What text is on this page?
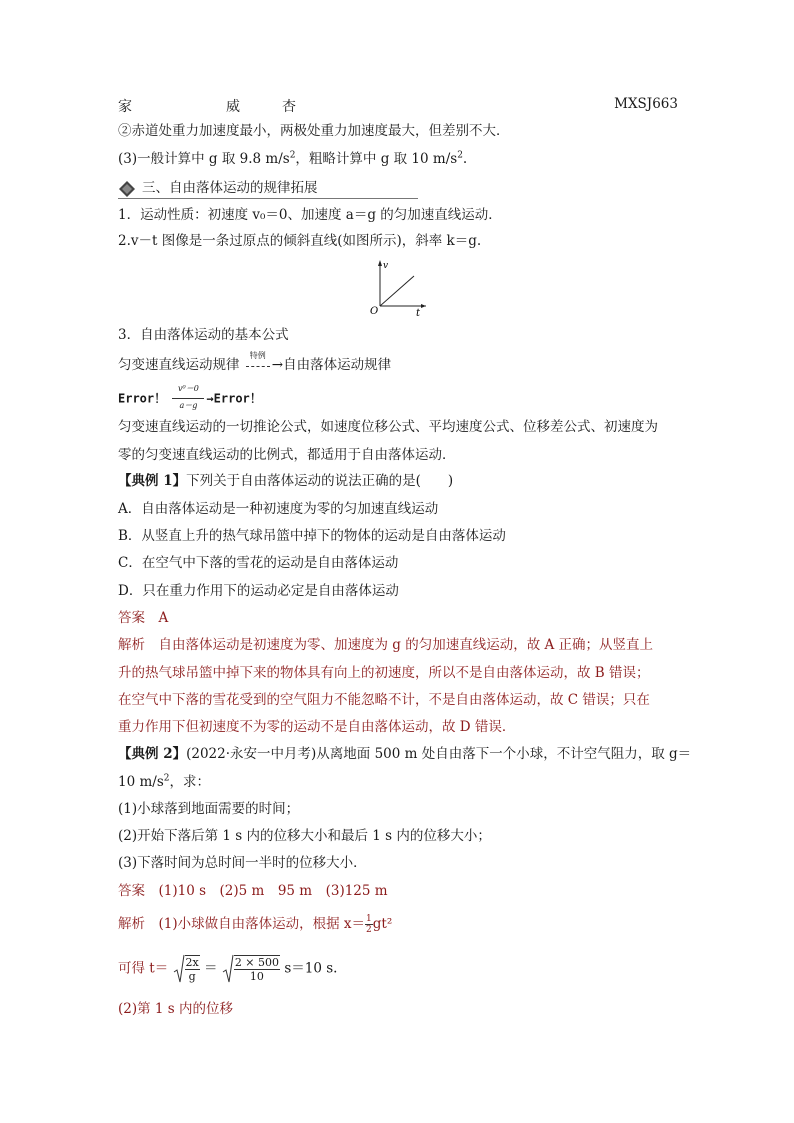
家	威	杏	MXSJ663
②赤道处重力加速度最小，两极处重力加速度最大，但差别不大．
(3)一般计算中 g 取 9.8 $m/s^2$，粗略计算中 g 取 10 $m/s^2$.
三、自由落体运动的规律拓展
1．运动性质：初速度 v₀＝0、加速度 a＝g 的匀加速直线运动．
2.v－t 图像是一条过原点的倾斜直线(如图所示)，斜率 k＝g.
v
O	t
3．自由落体运动的基本公式
匀变速直线运动规律
特例
→自由落体运动规律
Error！ $\frac{\text{v⁰＝0}}{a=g}$ →Error！
匀变速直线运动的一切推论公式，如速度位移公式、平均速度公式、位移差公式、初速度为
零的匀变速直线运动的比例式，都适用于自由落体运动．
【典例 1】下列关于自由落体运动的说法正确的是(　　)
A．自由落体运动是一种初速度为零的匀加速直线运动
B．从竖直上升的热气球吊篮中掉下的物体的运动是自由落体运动
C．在空气中下落的雪花的运动是自由落体运动
D．只在重力作用下的运动必定是自由落体运动
答案　A
解析　自由落体运动是初速度为零、加速度为 g 的匀加速直线运动，故 A 正确；从竖直上
升的热气球吊篮中掉下来的物体具有向上的初速度，所以不是自由落体运动，故 B 错误；
在空气中下落的雪花受到的空气阻力不能忽略不计，不是自由落体运动，故 C 错误；只在
重力作用下但初速度不为零的运动不是自由落体运动，故 D 错误．
【典例 2】(2022·永安一中月考)从离地面 500 m 处自由落下一个小球，不计空气阻力，取 g＝
10 $m/s^2$，求：
(1)小球落到地面需要的时间；
(2)开始下落后第 1 s 内的位移大小和最后 1 s 内的位移大小；
(3)下落时间为总时间一半时的位移大小．
答案　(1)10 s　(2)5 m　95 m　(3)125 m
解析　(1)小球做自由落体运动，根据 $x= \frac{1}{2} gt^2$
可得 $t= \frac{2x}{g} = \frac{2 \times 500}{10} s=10$ s.
(2)第 1 s 内的位移
